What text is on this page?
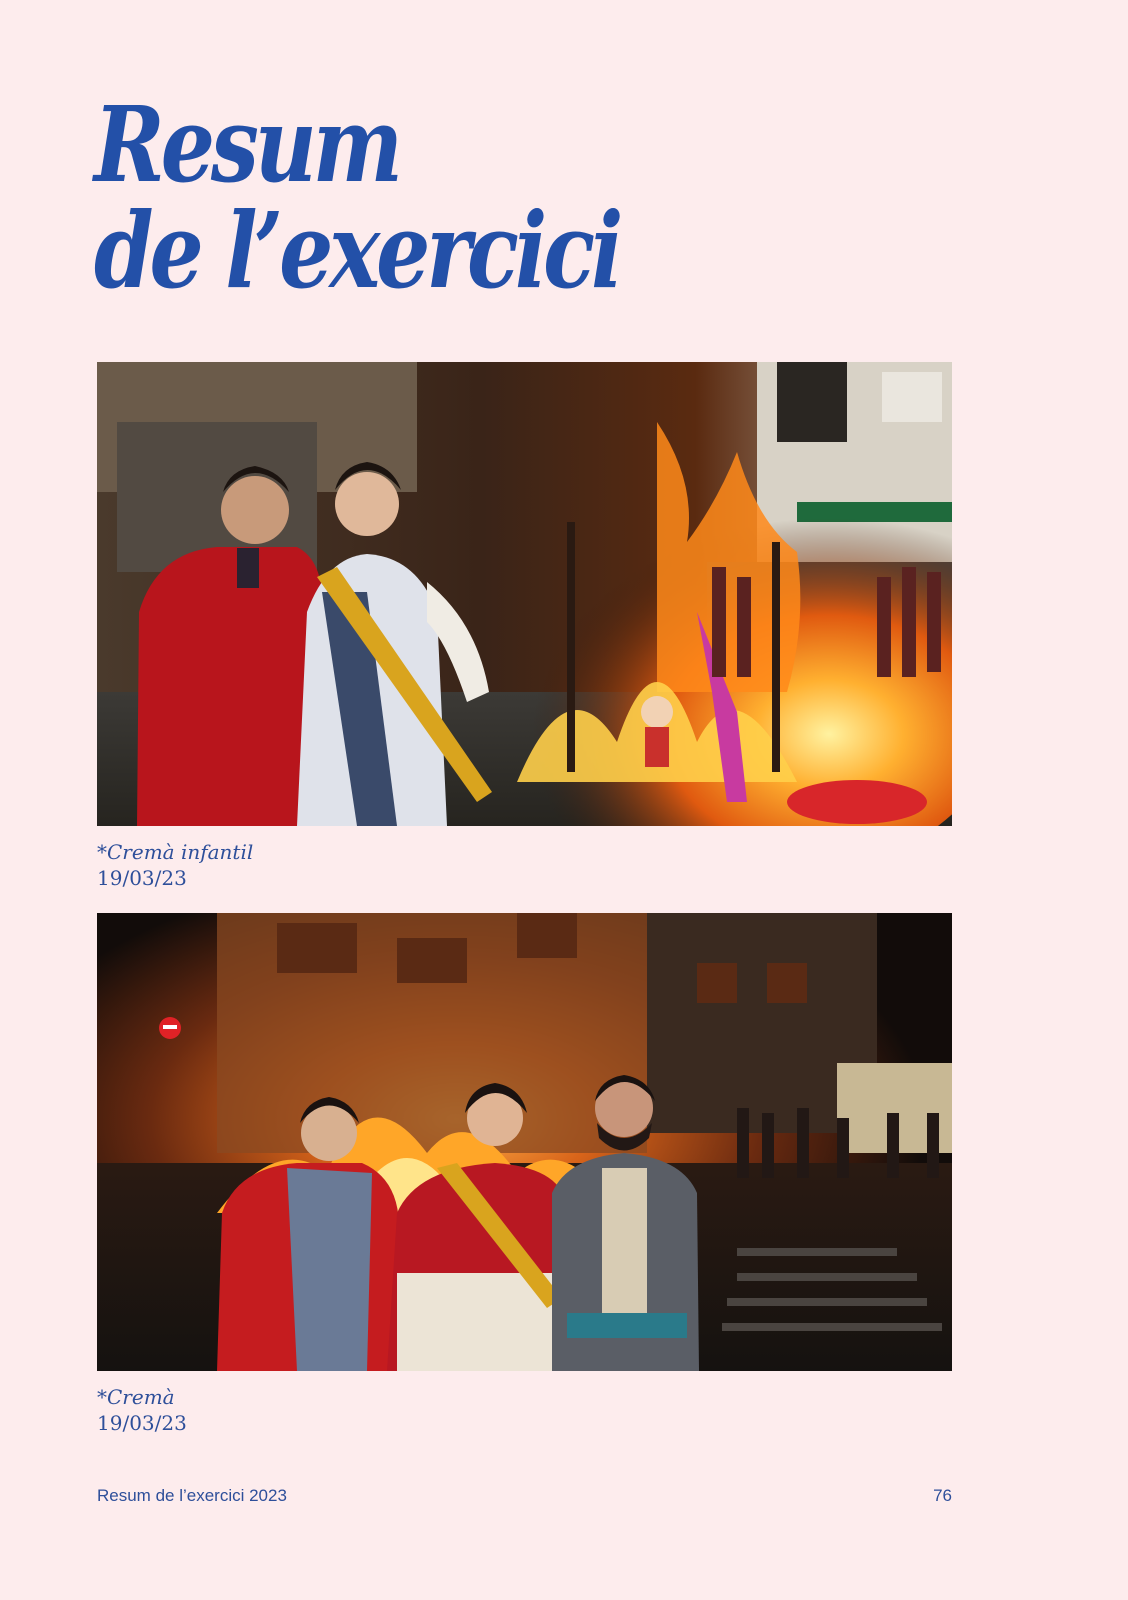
Resum
de l’exercici
*Cremà infantil
19/03/23
*Cremà
19/03/23
Resum de l’exercici 2023	76
